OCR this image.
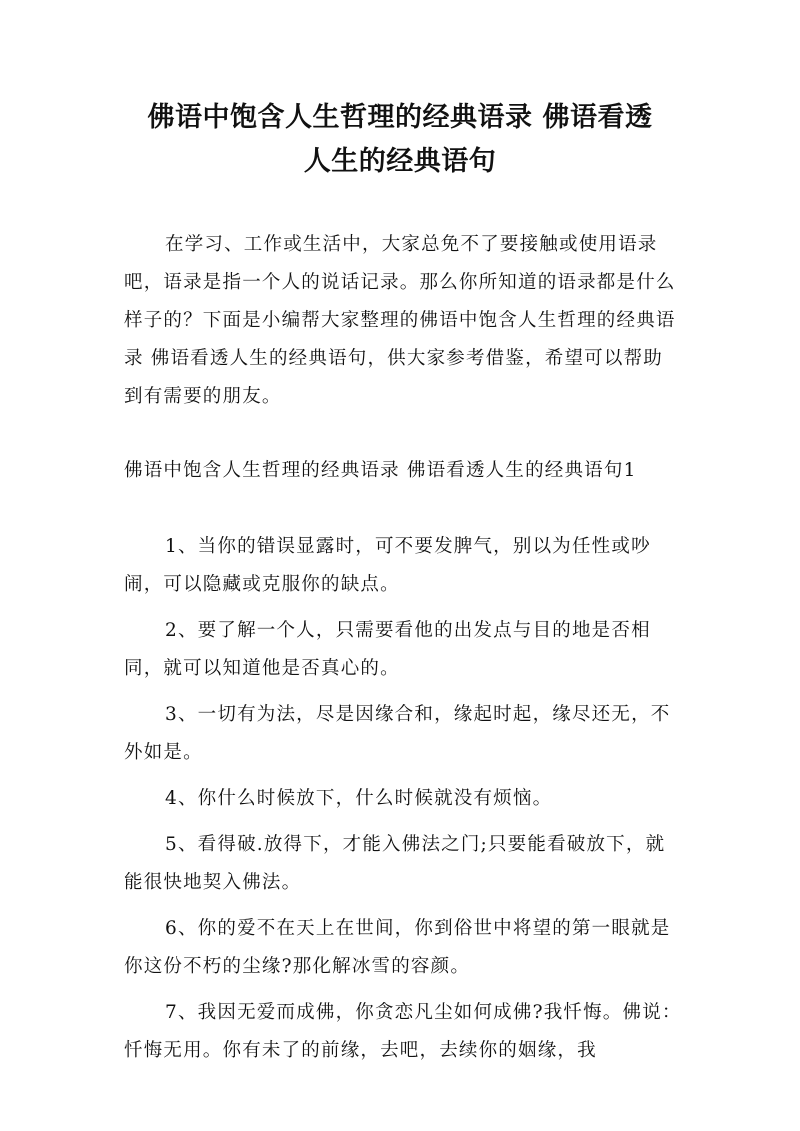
佛语中饱含人生哲理的经典语录 佛语看透
人生的经典语句

在学习、工作或生活中，大家总免不了要接触或使用语录吧，语录是指一个人的说话记录。那么你所知道的语录都是什么样子的？下面是小编帮大家整理的佛语中饱含人生哲理的经典语录 佛语看透人生的经典语句，供大家参考借鉴，希望可以帮助到有需要的朋友。

佛语中饱含人生哲理的经典语录 佛语看透人生的经典语句1

1、当你的错误显露时，可不要发脾气，别以为任性或吵闹，可以隐藏或克服你的缺点。

2、要了解一个人，只需要看他的出发点与目的地是否相同，就可以知道他是否真心的。

3、一切有为法，尽是因缘合和，缘起时起，缘尽还无，不外如是。

4、你什么时候放下，什么时候就没有烦恼。

5、看得破.放得下，才能入佛法之门;只要能看破放下，就能很快地契入佛法。

6、你的爱不在天上在世间，你到俗世中将望的第一眼就是你这份不朽的尘缘?那化解冰雪的容颜。

7、我因无爱而成佛，你贪恋凡尘如何成佛?我忏悔。佛说：忏悔无用。你有未了的前缘，去吧，去续你的姻缘，我
